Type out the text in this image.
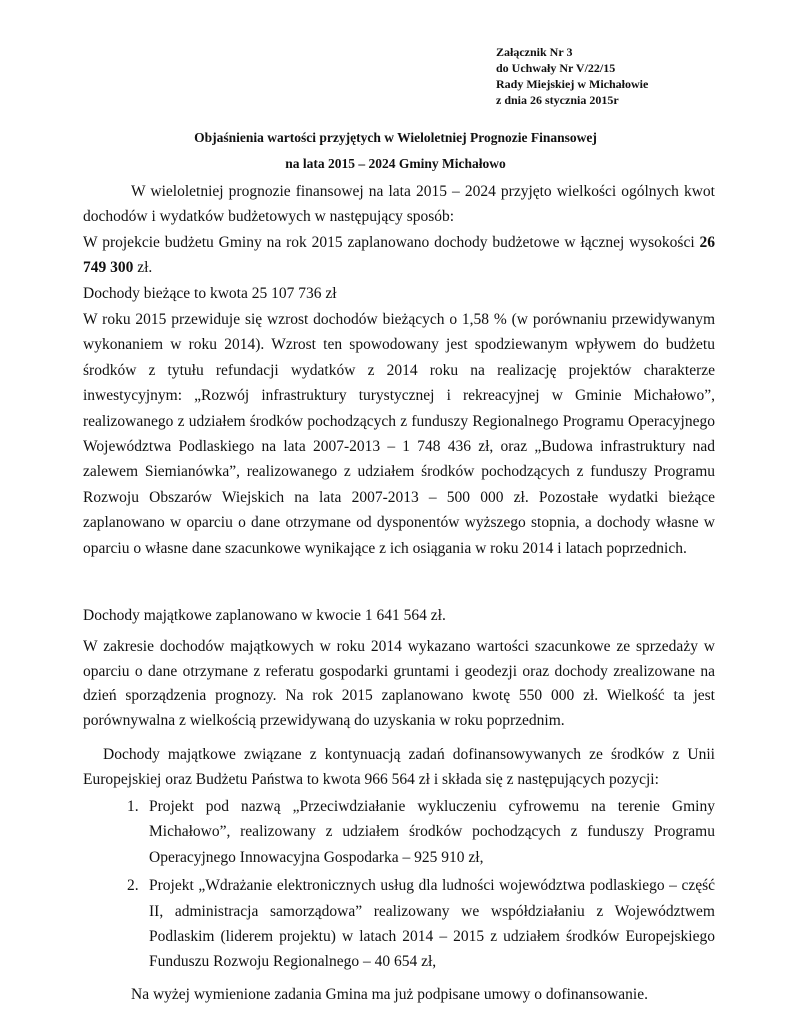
Załącznik Nr 3
do Uchwały Nr V/22/15
Rady Miejskiej w Michałowie
z dnia 26 stycznia 2015r
Objaśnienia wartości przyjętych w Wieloletniej Prognozie Finansowej
na lata 2015 – 2024 Gminy Michałowo
W wieloletniej prognozie finansowej na lata 2015 – 2024 przyjęto wielkości ogólnych kwot dochodów i wydatków budżetowych w następujący sposób:
W projekcie budżetu Gminy na rok 2015 zaplanowano dochody budżetowe w łącznej wysokości 26 749 300 zł.
Dochody bieżące to kwota 25 107 736 zł
W roku 2015 przewiduje się wzrost dochodów bieżących o 1,58 % (w porównaniu przewidywanym wykonaniem w roku 2014). Wzrost ten spowodowany jest spodziewanym wpływem do budżetu środków z tytułu refundacji wydatków z 2014 roku na realizację projektów charakterze inwestycyjnym: „Rozwój infrastruktury turystycznej i rekreacyjnej w Gminie Michałowo”, realizowanego z udziałem środków pochodzących z funduszy Regionalnego Programu Operacyjnego Województwa Podlaskiego na lata 2007-2013 – 1 748 436 zł, oraz „Budowa infrastruktury nad zalewem Siemianówka”, realizowanego z udziałem środków pochodzących z funduszy Programu Rozwoju Obszarów Wiejskich na lata 2007-2013 – 500 000 zł. Pozostałe wydatki bieżące zaplanowano w oparciu o dane otrzymane od dysponentów wyższego stopnia, a dochody własne w oparciu o własne dane szacunkowe wynikające z ich osiągania w roku 2014 i latach poprzednich.
Dochody majątkowe zaplanowano w kwocie 1 641 564 zł.
W zakresie dochodów majątkowych w roku 2014 wykazano wartości szacunkowe ze sprzedaży w oparciu o dane otrzymane z referatu gospodarki gruntami i geodezji oraz dochody zrealizowane na dzień sporządzenia prognozy. Na rok 2015 zaplanowano kwotę 550 000 zł. Wielkość ta jest porównywalna z wielkością przewidywaną do uzyskania w roku poprzednim.
Dochody majątkowe związane z kontynuacją zadań dofinansowywanych ze środków z Unii Europejskiej oraz Budżetu Państwa to kwota 966 564 zł i składa się z następujących pozycji:
1. Projekt pod nazwą „Przeciwdziałanie wykluczeniu cyfrowemu na terenie Gminy Michałowo”, realizowany z udziałem środków pochodzących z funduszy Programu Operacyjnego Innowacyjna Gospodarka – 925 910 zł,
2. Projekt „Wdrażanie elektronicznych usług dla ludności województwa podlaskiego – część II, administracja samorządowa” realizowany we współdziałaniu z Województwem Podlaskim (liderem projektu) w latach 2014 – 2015 z udziałem środków Europejskiego Funduszu Rozwoju Regionalnego – 40 654 zł,
Na wyżej wymienione zadania Gmina ma już podpisane umowy o dofinansowanie.
